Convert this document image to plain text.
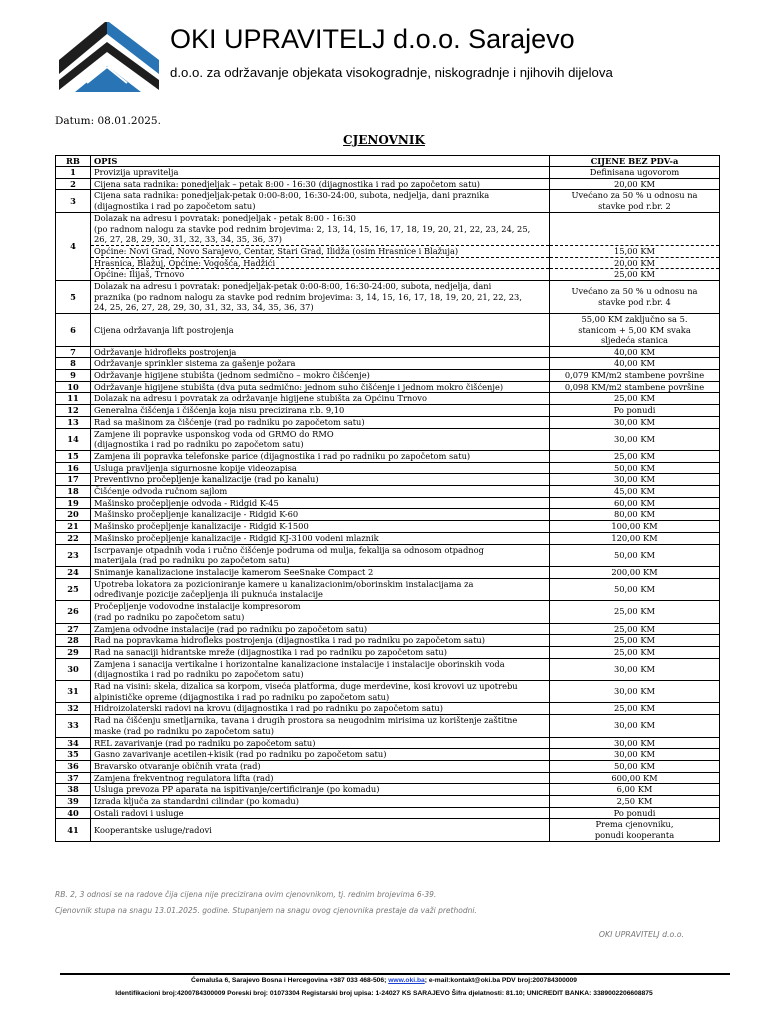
OKI UPRAVITELJ d.o.o. Sarajevo
d.o.o. za održavanje objekata visokogradnje, niskogradnje i njihovih dijelova
Datum: 08.01.2025.
CJENOVNIK
RB	OPIS	CIJENE BEZ PDV-a
1	Provizija upravitelja	Definisana ugovorom
2	Cijena sata radnika: ponedjeljak – petak 8:00 - 16:30 (dijagnostika i rad po započetom satu)	20,00 KM
3	Cijena sata radnika: ponedjeljak-petak 0:00-8:00, 16:30-24:00, subota, nedjelja, dani praznika
(dijagnostika i rad po započetom satu)	Uvećano za 50 % u odnosu na
stavke pod r.br. 2
4	Dolazak na adresu i povratak: ponedjeljak - petak 8:00 - 16:30
(po radnom nalogu za stavke pod rednim brojevima: 2, 13, 14, 15, 16, 17, 18, 19, 20, 21, 22, 23, 24, 25,
26, 27, 28, 29, 30, 31, 32, 33, 34, 35, 36, 37)	
	Općine: Novi Grad, Novo Sarajevo, Centar, Stari Grad, Ilidža (osim Hrasnice i Blažuja)	15,00 KM
	Hrasnica, Blažuj, Općine: Vogošća, Hadžići	20,00 KM
	Općine: Ilijaš, Trnovo	25,00 KM
5	Dolazak na adresu i povratak: ponedjeljak-petak 0:00-8:00, 16:30-24:00, subota, nedjelja, dani
praznika (po radnom nalogu za stavke pod rednim brojevima: 3, 14, 15, 16, 17, 18, 19, 20, 21, 22, 23,
24, 25, 26, 27, 28, 29, 30, 31, 32, 33, 34, 35, 36, 37)	Uvećano za 50 % u odnosu na
stavke pod r.br. 4
6	Cijena održavanja lift postrojenja	55,00 KM zaključno sa 5.
stanicom + 5,00 KM svaka
sljedeća stanica
7	Održavanje hidrofleks postrojenja	40,00 KM
8	Održavanje sprinkler sistema za gašenje požara	40,00 KM
9	Održavanje higijene stubišta (jednom sedmično – mokro čišćenje)	0,079 KM/m2 stambene površine
10	Održavanje higijene stubišta (dva puta sedmično: jednom suho čišćenje i jednom mokro čišćenje)	0,098 KM/m2 stambene površine
11	Dolazak na adresu i povratak za održavanje higijene stubišta za Općinu Trnovo	25,00 KM
12	Generalna čišćenja i čišćenja koja nisu precizirana r.b. 9,10	Po ponudi
13	Rad sa mašinom za čišćenje (rad po radniku po započetom satu)	30,00 KM
14	Zamjene ili popravke usponskog voda od GRMO do RMO
(dijagnostika i rad po radniku po započetom satu)	30,00 KM
15	Zamjena ili popravka telefonske parice (dijagnostika i rad po radniku po započetom satu)	25,00 KM
16	Usluga pravljenja sigurnosne kopije videozapisa	50,00 KM
17	Preventivno pročepljenje kanalizacije (rad po kanalu)	30,00 KM
18	Čišćenje odvoda ručnom sajlom	45,00 KM
19	Mašinsko pročepljenje odvoda - Ridgid K-45	60,00 KM
20	Mašinsko pročepljenje kanalizacije - Ridgid K-60	80,00 KM
21	Mašinsko pročepljenje kanalizacije - Ridgid K-1500	100,00 KM
22	Mašinsko pročepljenje kanalizacije - Ridgid KJ-3100 vodeni mlaznik	120,00 KM
23	Iscrpavanje otpadnih voda i ručno čišćenje podruma od mulja, fekalija sa odnosom otpadnog
materijala (rad po radniku po započetom satu)	50,00 KM
24	Snimanje kanalizacione instalacije kamerom SeeSnake Compact 2	200,00 KM
25	Upotreba lokatora za pozicioniranje kamere u kanalizacionim/oborinskim instalacijama za
određivanje pozicije začepljenja ili puknuća instalacije	50,00 KM
26	Pročepljenje vodovodne instalacije kompresorom
(rad po radniku po započetom satu)	25,00 KM
27	Zamjena odvodne instalacije (rad po radniku po započetom satu)	25,00 KM
28	Rad na popravkama hidrofleks postrojenja (dijagnostika i rad po radniku po započetom satu)	25,00 KM
29	Rad na sanaciji hidrantske mreže (dijagnostika i rad po radniku po započetom satu)	25,00 KM
30	Zamjena i sanacija vertikalne i horizontalne kanalizacione instalacije i instalacije oborinskih voda
(dijagnostika i rad po radniku po započetom satu)	30,00 KM
31	Rad na visini: skela, dizalica sa korpom, viseća platforma, duge merdevine, kosi krovovi uz upotrebu
alpinističke opreme (dijagnostika i rad po radniku po započetom satu)	30,00 KM
32	Hidroizolaterski radovi na krovu (dijagnostika i rad po radniku po započetom satu)	25,00 KM
33	Rad na čišćenju smetljarnika, tavana i drugih prostora sa neugodnim mirisima uz korištenje zaštitne
maske (rad po radniku po započetom satu)	30,00 KM
34	REL zavarivanje (rad po radniku po započetom satu)	30,00 KM
35	Gasno zavarivanje acetilen+kisik (rad po radniku po započetom satu)	30,00 KM
36	Bravarsko otvaranje običnih vrata (rad)	50,00 KM
37	Zamjena frekventnog regulatora lifta (rad)	600,00 KM
38	Usluga prevoza PP aparata na ispitivanje/certificiranje (po komadu)	6,00 KM
39	Izrada ključa za standardni cilindar (po komadu)	2,50 KM
40	Ostali radovi i usluge	Po ponudi
41	Kooperantske usluge/radovi	Prema cjenovniku,
ponudi kooperanta
RB. 2, 3 odnosi se na radove čija cijena nije precizirana ovim cjenovnikom, tj. rednim brojevima 6-39.
Cjenovnik stupa na snagu 13.01.2025. godine. Stupanjem na snagu ovog cjenovnika prestaje da važi prethodni.
OKI UPRAVITELJ d.o.o.
Ćemaluša 6, Sarajevo Bosna i Hercegovina +387 033 468-506; www.oki.ba; e-mail:kontakt@oki.ba PDV broj:200784300009
Identifikacioni broj:4200784300009 Poreski broj: 01073304 Registarski broj upisa: 1-24027 KS SARAJEVO Šifra djelatnosti: 81.10; UNICREDIT BANKA: 3389002206608875
